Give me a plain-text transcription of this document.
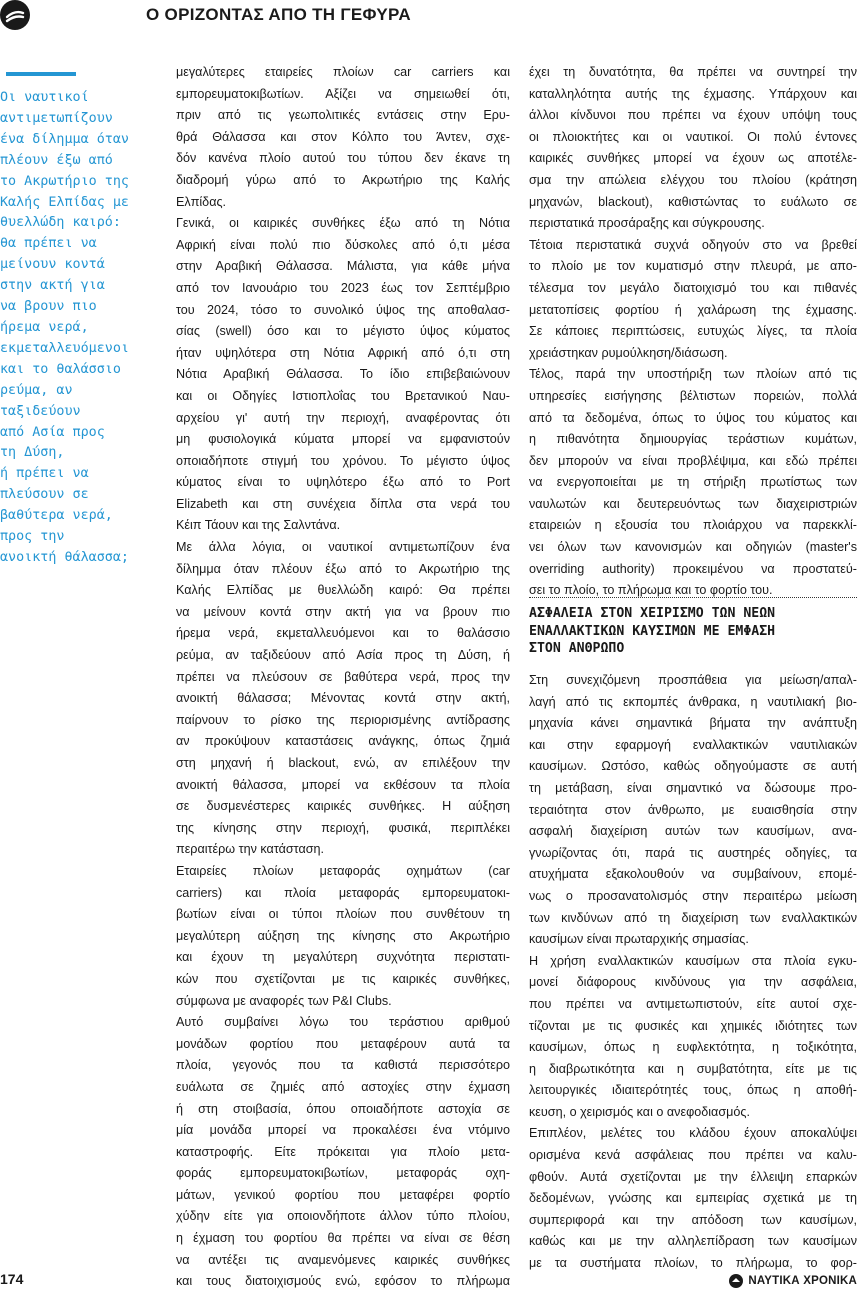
Ο ΟΡΙΖΟΝΤΑΣ ΑΠΟ ΤΗ ΓΕΦΥΡΑ
Οι ναυτικοί
αντιμετωπίζουν
ένα δίλημμα όταν
πλέουν έξω από
το Ακρωτήριο της
Καλής Ελπίδας με
θυελλώδη καιρό:
θα πρέπει να
μείνουν κοντά
στην ακτή για
να βρουν πιο
ήρεμα νερά,
εκμεταλλευόμενοι
και το θαλάσσιο
ρεύμα, αν
ταξιδεύουν
από Ασία προς
τη Δύση,
ή πρέπει να
πλεύσουν σε
βαθύτερα νερά,
προς την
ανοικτή θάλασσα;
μεγαλύτερες εταιρείες πλοίων car carriers και
εμπορευματοκιβωτίων. Αξίζει να σημειωθεί ότι,
πριν από τις γεωπολιτικές εντάσεις στην Ερυ-
θρά Θάλασσα και στον Κόλπο του Άντεν, σχε-
δόν κανένα πλοίο αυτού του τύπου δεν έκανε τη
διαδρομή γύρω από το Ακρωτήριο της Καλής
Ελπίδας.
Γενικά, οι καιρικές συνθήκες έξω από τη Νότια
Αφρική είναι πολύ πιο δύσκολες από ό,τι μέσα
στην Αραβική Θάλασσα. Μάλιστα, για κάθε μήνα
από τον Ιανουάριο του 2023 έως τον Σεπτέμβριο
του 2024, τόσο το συνολικό ύψος της αποθαλασ-
σίας (swell) όσο και το μέγιστο ύψος κύματος
ήταν υψηλότερα στη Νότια Αφρική από ό,τι στη
Νότια Αραβική Θάλασσα. Το ίδιο επιβεβαιώνουν
και οι Οδηγίες Ιστιοπλοΐας του Βρετανικού Ναυ-
αρχείου γι' αυτή την περιοχή, αναφέροντας ότι
μη φυσιολογικά κύματα μπορεί να εμφανιστούν
οποιαδήποτε στιγμή του χρόνου. Το μέγιστο ύψος
κύματος είναι το υψηλότερο έξω από το Port
Elizabeth και στη συνέχεια δίπλα στα νερά του
Κέιπ Τάουν και της Σαλντάνα.
Με άλλα λόγια, οι ναυτικοί αντιμετωπίζουν ένα
δίλημμα όταν πλέουν έξω από το Ακρωτήριο της
Καλής Ελπίδας με θυελλώδη καιρό: Θα πρέπει
να μείνουν κοντά στην ακτή για να βρουν πιο
ήρεμα νερά, εκμεταλλευόμενοι και το θαλάσσιο
ρεύμα, αν ταξιδεύουν από Ασία προς τη Δύση, ή
πρέπει να πλεύσουν σε βαθύτερα νερά, προς την
ανοικτή θάλασσα; Μένοντας κοντά στην ακτή,
παίρνουν το ρίσκο της περιορισμένης αντίδρασης
αν προκύψουν καταστάσεις ανάγκης, όπως ζημιά
στη μηχανή ή blackout, ενώ, αν επιλέξουν την
ανοικτή θάλασσα, μπορεί να εκθέσουν τα πλοία
σε δυσμενέστερες καιρικές συνθήκες. Η αύξηση
της κίνησης στην περιοχή, φυσικά, περιπλέκει
περαιτέρω την κατάσταση.
Εταιρείες πλοίων μεταφοράς οχημάτων (car
carriers) και πλοία μεταφοράς εμπορευματοκι-
βωτίων είναι οι τύποι πλοίων που συνθέτουν τη
μεγαλύτερη αύξηση της κίνησης στο Ακρωτήριο
και έχουν τη μεγαλύτερη συχνότητα περιστατι-
κών που σχετίζονται με τις καιρικές συνθήκες,
σύμφωνα με αναφορές των P&I Clubs.
Αυτό συμβαίνει λόγω του τεράστιου αριθμού
μονάδων φορτίου που μεταφέρουν αυτά τα
πλοία, γεγονός που τα καθιστά περισσότερο
ευάλωτα σε ζημιές από αστοχίες στην έχμαση
ή στη στοιβασία, όπου οποιαδήποτε αστοχία σε
μία μονάδα μπορεί να προκαλέσει ένα ντόμινο
καταστροφής. Είτε πρόκειται για πλοίο μετα-
φοράς εμπορευματοκιβωτίων, μεταφοράς οχη-
μάτων, γενικού φορτίου που μεταφέρει φορτίο
χύδην είτε για οποιονδήποτε άλλον τύπο πλοίου,
η έχμαση του φορτίου θα πρέπει να είναι σε θέση
να αντέξει τις αναμενόμενες καιρικές συνθήκες
και τους διατοιχισμούς ενώ, εφόσον το πλήρωμα
έχει τη δυνατότητα, θα πρέπει να συντηρεί την
καταλληλότητα αυτής της έχμασης. Υπάρχουν και
άλλοι κίνδυνοι που πρέπει να έχουν υπόψη τους
οι πλοιοκτήτες και οι ναυτικοί. Οι πολύ έντονες
καιρικές συνθήκες μπορεί να έχουν ως αποτέλε-
σμα την απώλεια ελέγχου του πλοίου (κράτηση
μηχανών, blackout), καθιστώντας το ευάλωτο σε
περιστατικά προσάραξης και σύγκρουσης.
Τέτοια περιστατικά συχνά οδηγούν στο να βρεθεί
το πλοίο με τον κυματισμό στην πλευρά, με απο-
τέλεσμα τον μεγάλο διατοιχισμό του και πιθανές
μετατοπίσεις φορτίου ή χαλάρωση της έχμασης.
Σε κάποιες περιπτώσεις, ευτυχώς λίγες, τα πλοία
χρειάστηκαν ρυμούλκηση/διάσωση.
Τέλος, παρά την υποστήριξη των πλοίων από τις
υπηρεσίες εισήγησης βέλτιστων πορειών, πολλά
από τα δεδομένα, όπως το ύψος του κύματος και
η πιθανότητα δημιουργίας τεράστιων κυμάτων,
δεν μπορούν να είναι προβλέψιμα, και εδώ πρέπει
να ενεργοποιείται με τη στήριξη πρωτίστως των
ναυλωτών και δευτερευόντως των διαχειριστριών
εταιρειών η εξουσία του πλοιάρχου να παρεκκλί-
νει όλων των κανονισμών και οδηγιών (master's
overriding authority) προκειμένου να προστατεύ-
σει το πλοίο, το πλήρωμα και το φορτίο του.
ΑΣΦΑΛΕΙΑ ΣΤΟΝ ΧΕΙΡΙΣΜΟ ΤΩΝ ΝΕΩΝ
ΕΝΑΛΛΑΚΤΙΚΩΝ ΚΑΥΣΙΜΩΝ ΜΕ ΕΜΦΑΣΗ
ΣΤΟΝ ΑΝΘΡΩΠΟ
Στη συνεχιζόμενη προσπάθεια για μείωση/απαλ-
λαγή από τις εκπομπές άνθρακα, η ναυτιλιακή βιο-
μηχανία κάνει σημαντικά βήματα την ανάπτυξη
και στην εφαρμογή εναλλακτικών ναυτιλιακών
καυσίμων. Ωστόσο, καθώς οδηγούμαστε σε αυτή
τη μετάβαση, είναι σημαντικό να δώσουμε προ-
τεραιότητα στον άνθρωπο, με ευαισθησία στην
ασφαλή διαχείριση αυτών των καυσίμων, ανα-
γνωρίζοντας ότι, παρά τις αυστηρές οδηγίες, τα
ατυχήματα εξακολουθούν να συμβαίνουν, επομέ-
νως ο προσανατολισμός στην περαιτέρω μείωση
των κινδύνων από τη διαχείριση των εναλλακτικών
καυσίμων είναι πρωταρχικής σημασίας.
Η χρήση εναλλακτικών καυσίμων στα πλοία εγκυ-
μονεί διάφορους κινδύνους για την ασφάλεια,
που πρέπει να αντιμετωπιστούν, είτε αυτοί σχε-
τίζονται με τις φυσικές και χημικές ιδιότητες των
καυσίμων, όπως η ευφλεκτότητα, η τοξικότητα,
η διαβρωτικότητα και η συμβατότητα, είτε με τις
λειτουργικές ιδιαιτερότητές τους, όπως η αποθή-
κευση, ο χειρισμός και ο ανεφοδιασμός.
Επιπλέον, μελέτες του κλάδου έχουν αποκαλύψει
ορισμένα κενά ασφάλειας που πρέπει να καλυ-
φθούν. Αυτά σχετίζονται με την έλλειψη επαρκών
δεδομένων, γνώσης και εμπειρίας σχετικά με τη
συμπεριφορά και την απόδοση των καυσίμων,
καθώς και με την αλληλεπίδραση των καυσίμων
με τα συστήματα πλοίων, το πλήρωμα, το φορ-
174	ΝΑΥΤΙΚΑ ΧΡΟΝΙΚΑ
